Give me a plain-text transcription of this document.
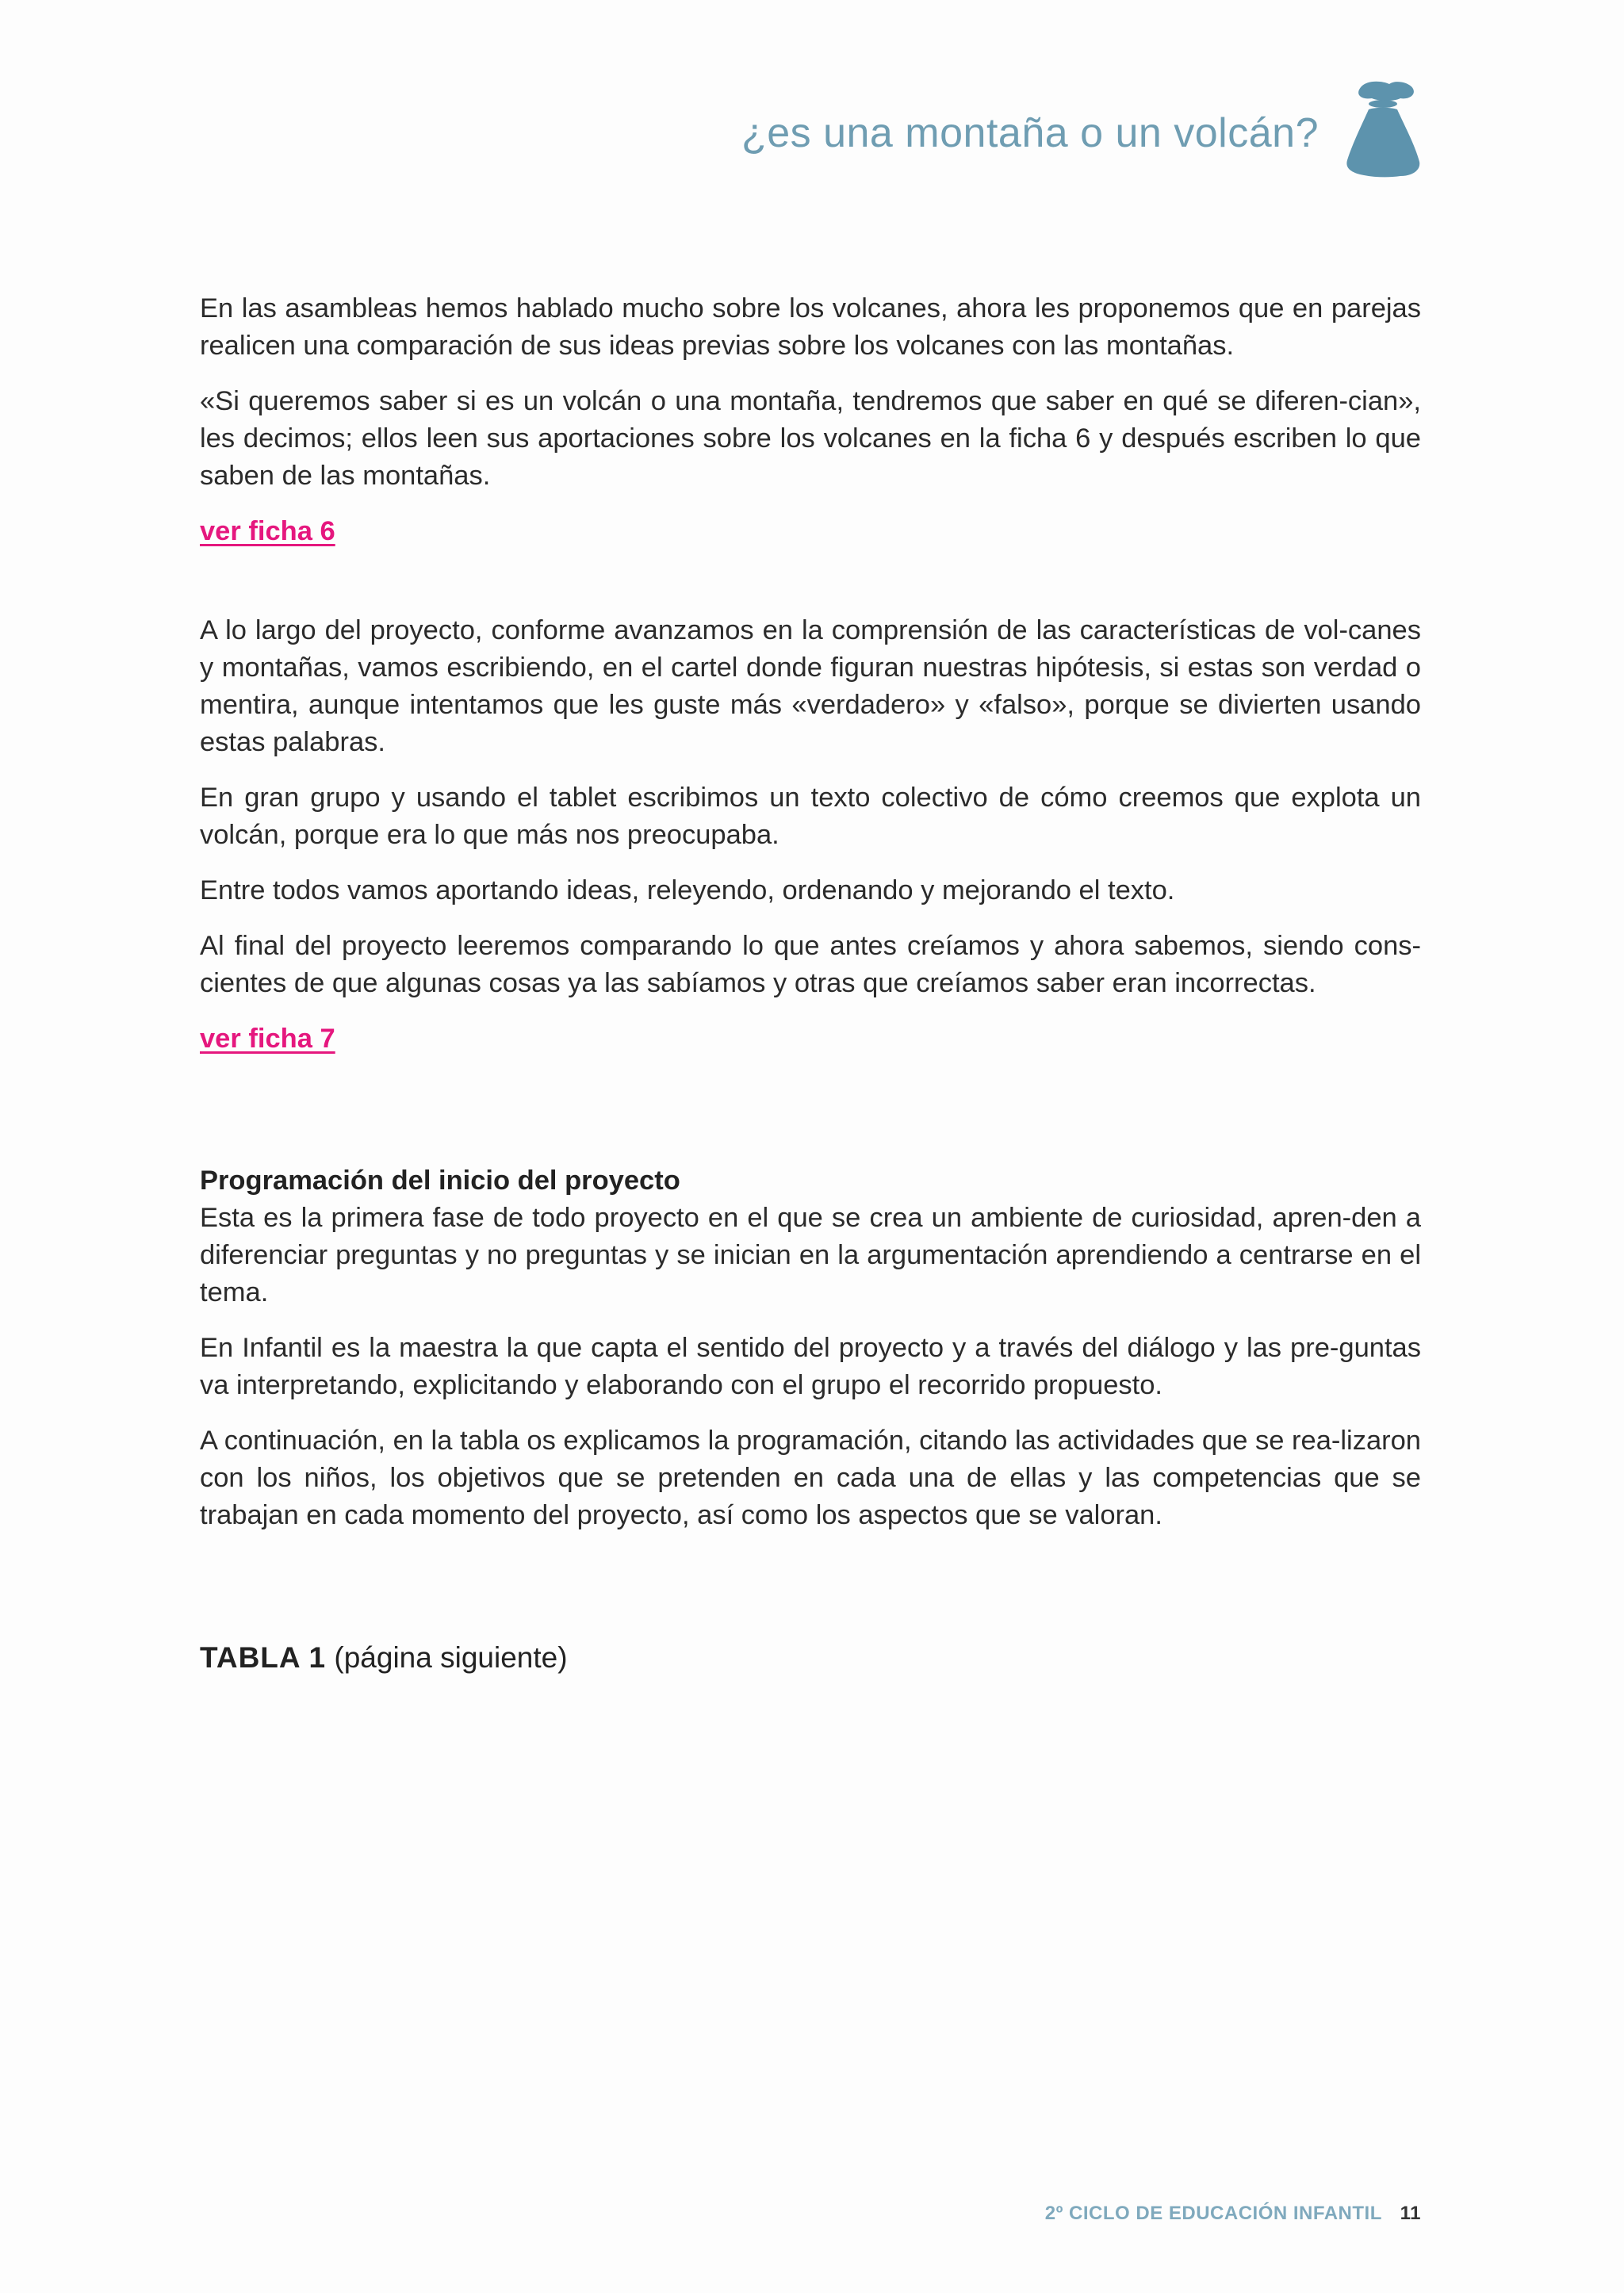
¿es una montaña o un volcán?

En las asambleas hemos hablado mucho sobre los volcanes, ahora les proponemos que en parejas realicen una comparación de sus ideas previas sobre los volcanes con las montañas.

«Si queremos saber si es un volcán o una montaña, tendremos que saber en qué se diferen-cian», les decimos; ellos leen sus aportaciones sobre los volcanes en la ficha 6 y después escriben lo que saben de las montañas.

ver ficha 6

A lo largo del proyecto, conforme avanzamos en la comprensión de las características de vol-canes y montañas, vamos escribiendo, en el cartel donde figuran nuestras hipótesis, si estas son verdad o mentira, aunque intentamos que les guste más «verdadero» y «falso», porque se divierten usando estas palabras.

En gran grupo y usando el tablet escribimos un texto colectivo de cómo creemos que explota un volcán, porque era lo que más nos preocupaba.

Entre todos vamos aportando ideas, releyendo, ordenando y mejorando el texto.

Al final del proyecto leeremos comparando lo que antes creíamos y ahora sabemos, siendo cons-cientes de que algunas cosas ya las sabíamos y otras que creíamos saber eran incorrectas.

ver ficha 7
Programación del inicio del proyecto

Esta es la primera fase de todo proyecto en el que se crea un ambiente de curiosidad, apren-den a diferenciar preguntas y no preguntas y se inician en la argumentación aprendiendo a centrarse en el tema.

En Infantil es la maestra la que capta el sentido del proyecto y a través del diálogo y las pre-guntas va interpretando, explicitando y elaborando con el grupo el recorrido propuesto.

A continuación, en la tabla os explicamos la programación, citando las actividades que se rea-lizaron con los niños, los objetivos que se pretenden en cada una de ellas y las competencias que se trabajan en cada momento del proyecto, así como los aspectos que se valoran.

TABLA 1 (página siguiente)

2º CICLO DE EDUCACIÓN INFANTIL 11
